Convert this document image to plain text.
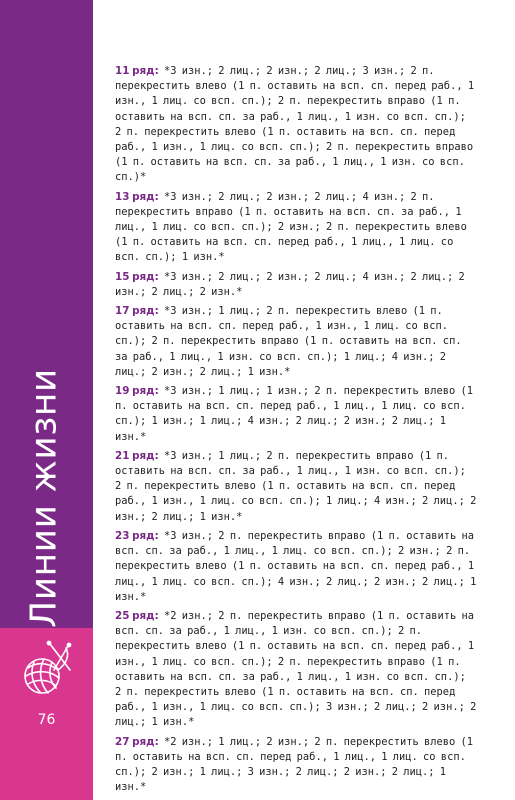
Линии жизни
76

11 ряд: *3 изн.; 2 лиц.; 2 изн.; 2 лиц.; 3 изн.; 2 п. перекрестить влево (1 п. оставить на всп. сп. перед раб., 1 изн., 1 лиц. со всп. сп.); 2 п. перекрестить вправо (1 п. оставить на всп. сп. за раб., 1 лиц., 1 изн. со всп. сп.); 2 п. перекрестить влево (1 п. оставить на всп. сп. перед раб., 1 изн., 1 лиц. со всп. сп.); 2 п. перекрестить вправо (1 п. оставить на всп. сп. за раб., 1 лиц., 1 изн. со всп. сп.)*

13 ряд: *3 изн.; 2 лиц.; 2 изн.; 2 лиц.; 4 изн.; 2 п. перекрестить вправо (1 п. оставить на всп. сп. за раб., 1 лиц., 1 лиц. со всп. сп.); 2 изн.; 2 п. перекрестить влево (1 п. оставить на всп. сп. перед раб., 1 лиц., 1 лиц. со всп. сп.); 1 изн.*

15 ряд: *3 изн.; 2 лиц.; 2 изн.; 2 лиц.; 4 изн.; 2 лиц.; 2 изн.; 2 лиц.; 2 изн.*

17 ряд: *3 изн.; 1 лиц.; 2 п. перекрестить влево (1 п. оставить на всп. сп. перед раб., 1 изн., 1 лиц. со всп. сп.); 2 п. перекрестить вправо (1 п. оставить на всп. сп. за раб., 1 лиц., 1 изн. со всп. сп.); 1 лиц.; 4 изн.; 2 лиц.; 2 изн.; 2 лиц.; 1 изн.*

19 ряд: *3 изн.; 1 лиц.; 1 изн.; 2 п. перекрестить влево (1 п. оставить на всп. сп. перед раб., 1 лиц., 1 лиц. со всп. сп.); 1 изн.; 1 лиц.; 4 изн.; 2 лиц.; 2 изн.; 2 лиц.; 1 изн.*

21 ряд: *3 изн.; 1 лиц.; 2 п. перекрестить вправо (1 п. оставить на всп. сп. за раб., 1 лиц., 1 изн. со всп. сп.); 2 п. перекрестить влево (1 п. оставить на всп. сп. перед раб., 1 изн., 1 лиц. со всп. сп.); 1 лиц.; 4 изн.; 2 лиц.; 2 изн.; 2 лиц.; 1 изн.*

23 ряд: *3 изн.; 2 п. перекрестить вправо (1 п. оставить на всп. сп. за раб., 1 лиц., 1 лиц. со всп. сп.); 2 изн.; 2 п. перекрестить влево (1 п. оставить на всп. сп. перед раб., 1 лиц., 1 лиц. со всп. сп.); 4 изн.; 2 лиц.; 2 изн.; 2 лиц.; 1 изн.*

25 ряд: *2 изн.; 2 п. перекрестить вправо (1 п. оставить на всп. сп. за раб., 1 лиц., 1 изн. со всп. сп.); 2 п. перекрестить влево (1 п. оставить на всп. сп. перед раб., 1 изн., 1 лиц. со всп. сп.); 2 п. перекрестить вправо (1 п. оставить на всп. сп. за раб., 1 лиц., 1 изн. со всп. сп.); 2 п. перекрестить влево (1 п. оставить на всп. сп. перед раб., 1 изн., 1 лиц. со всп. сп.); 3 изн.; 2 лиц.; 2 изн.; 2 лиц.; 1 изн.*

27 ряд: *2 изн.; 1 лиц.; 2 изн.; 2 п. перекрестить влево (1 п. оставить на всп. сп. перед раб., 1 лиц., 1 лиц. со всп. сп.); 2 изн.; 1 лиц.; 3 изн.; 2 лиц.; 2 изн.; 2 лиц.; 1 изн.*
